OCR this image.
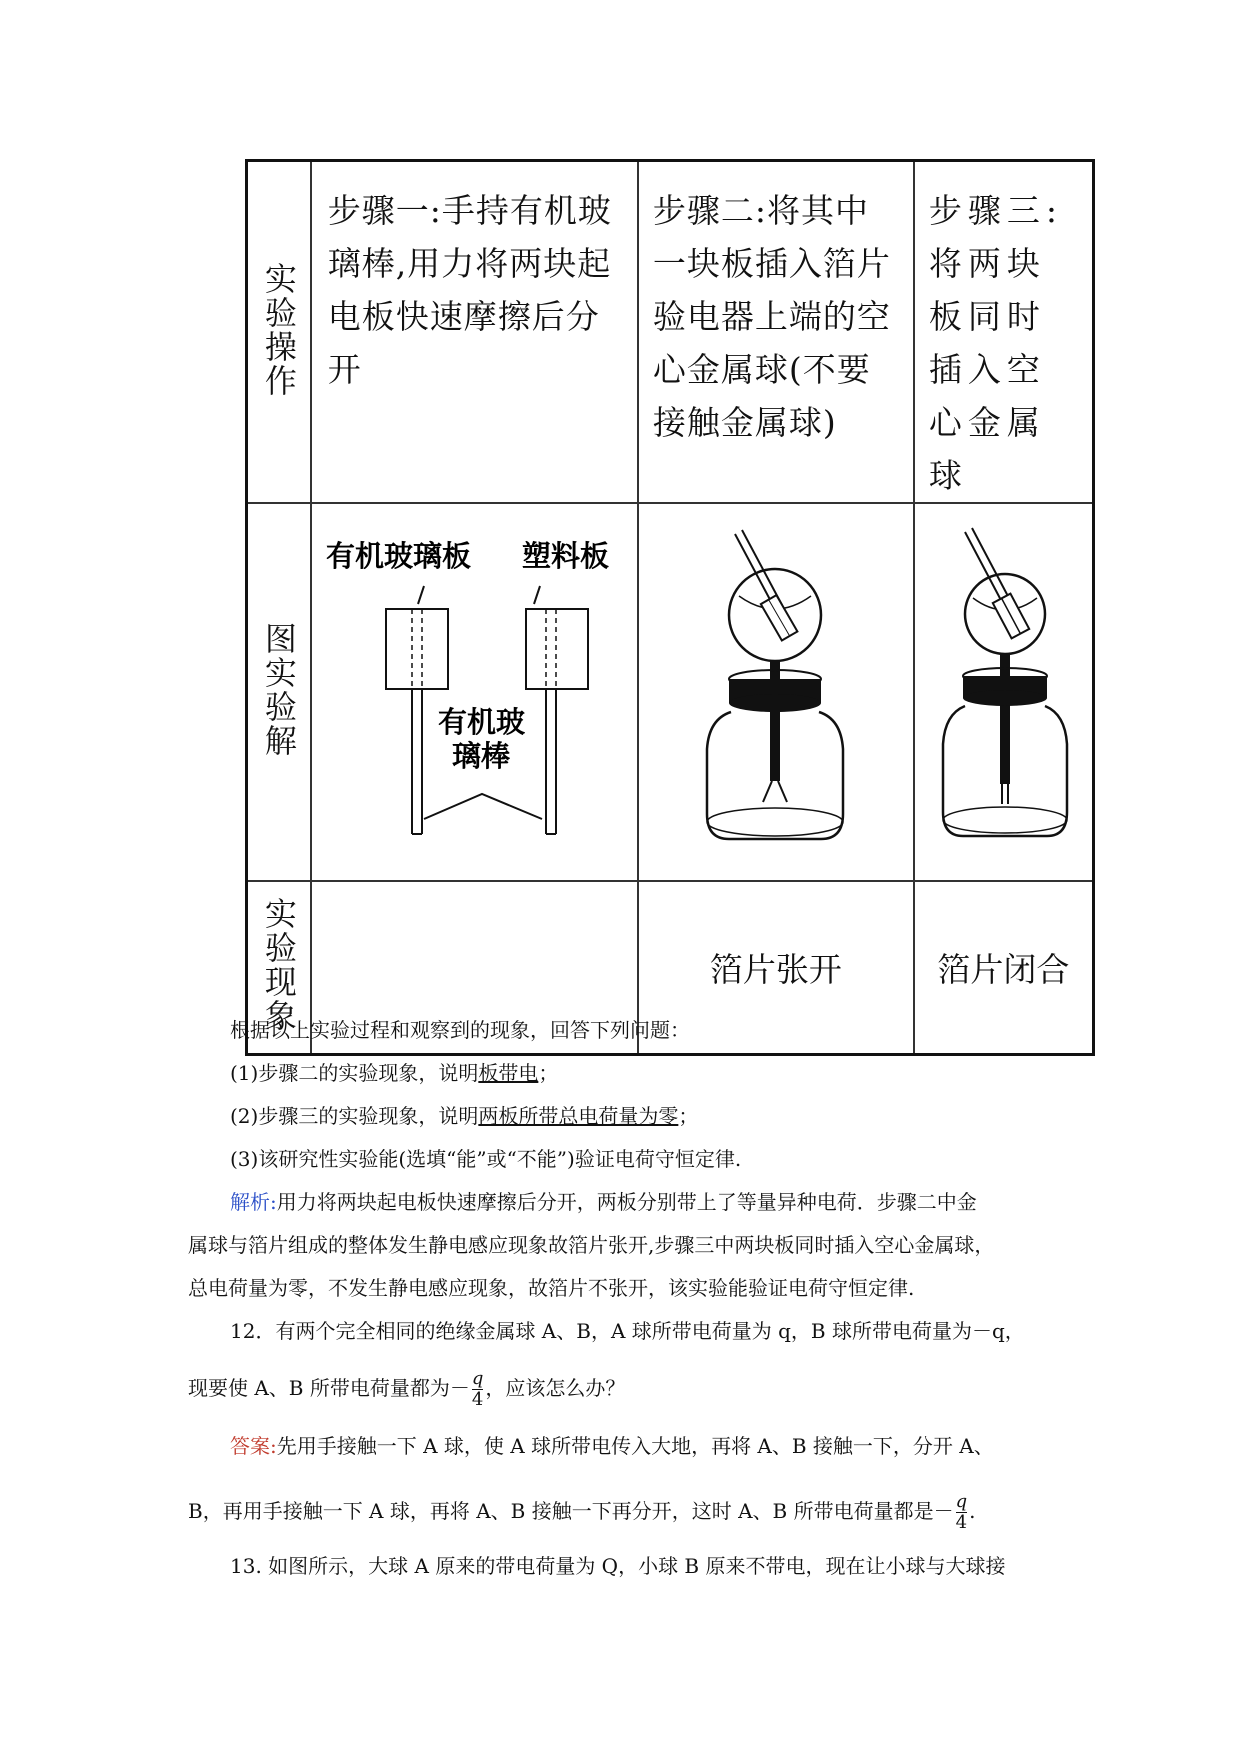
实验操作	步骤一:手持有机玻璃棒,用力将两块起电板快速摩擦后分开	步骤二:将其中一块板插入箔片验电器上端的空心金属球(不要接触金属球)	步骤三:将两块板同时插入空心金属球

图实验解	有机玻璃板 塑料板
有机玻
璃棒

实验现象		箔片张开	箔片闭合
根据以上实验过程和观察到的现象，回答下列问题：
(1)步骤二的实验现象，说明板带电；
(2)步骤三的实验现象，说明两板所带总电荷量为零；
(3)该研究性实验能(选填“能”或“不能”)验证电荷守恒定律.
解析:用力将两块起电板快速摩擦后分开，两板分别带上了等量异种电荷．步骤二中金
属球与箔片组成的整体发生静电感应现象故箔片张开,步骤三中两块板同时插入空心金属球，
总电荷量为零，不发生静电感应现象，故箔片不张开，该实验能验证电荷守恒定律.
12．有两个完全相同的绝缘金属球 A、B，A 球所带电荷量为 q，B 球所带电荷量为－q，
现要使 A、B 所带电荷量都为－ $\frac{q}{4}$ ，应该怎么办？
答案:先用手接触一下 A 球，使 A 球所带电传入大地，再将 A、B 接触一下，分开 A、
B，再用手接触一下 A 球，再将 A、B 接触一下再分开，这时 A、B 所带电荷量都是－ $\frac{q}{4}$ .
13. 如图所示，大球 A 原来的带电荷量为 Q，小球 B 原来不带电，现在让小球与大球接
